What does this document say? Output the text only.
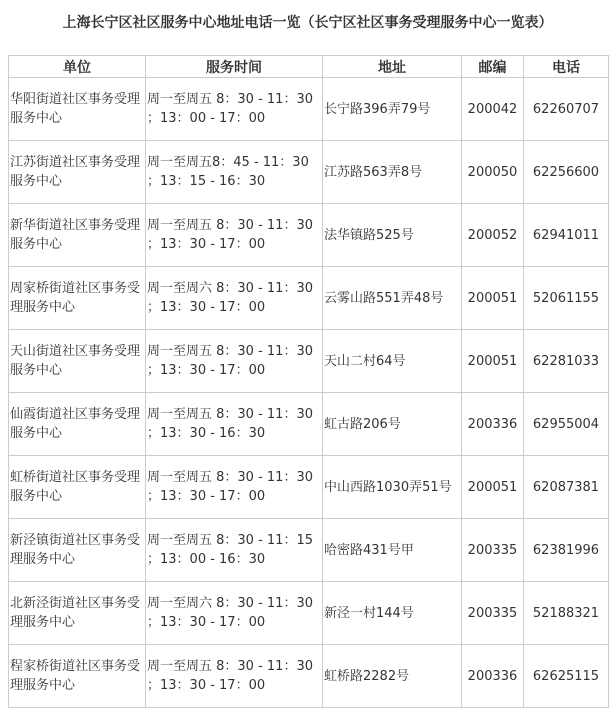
上海长宁区社区服务中心地址电话一览（长宁区社区事务受理服务中心一览表）
单位	服务时间	地址	邮编	电话
华阳街道社区事务受理服务中心	周一至周五 8：30 - 11：30 ；13：00 - 17：00	长宁路396弄79号	200042	62260707
江苏街道社区事务受理服务中心	周一至周五8：45 - 11：30 ；13：15 - 16：30	江苏路563弄8号	200050	62256600
新华街道社区事务受理服务中心	周一至周五 8：30 - 11：30 ；13：30 - 17：00	法华镇路525号	200052	62941011
周家桥街道社区事务受理服务中心	周一至周六 8：30 - 11：30 ；13：30 - 17：00	云雾山路551弄48号	200051	52061155
天山街道社区事务受理服务中心	周一至周五 8：30 - 11：30 ；13：30 - 17：00	天山二村64号	200051	62281033
仙霞街道社区事务受理服务中心	周一至周五 8：30 - 11：30 ；13：30 - 16：30	虹古路206号	200336	62955004
虹桥街道社区事务受理服务中心	周一至周五 8：30 - 11：30 ；13：30 - 17：00	中山西路1030弄51号	200051	62087381
新泾镇街道社区事务受理服务中心	周一至周五 8：30 - 11：15 ；13：00 - 16：30	哈密路431号甲	200335	62381996
北新泾街道社区事务受理服务中心	周一至周六 8：30 - 11：30 ；13：30 - 17：00	新泾一村144号	200335	52188321
程家桥街道社区事务受理服务中心	周一至周五 8：30 - 11：30 ；13：30 - 17：00	虹桥路2282号	200336	62625115
